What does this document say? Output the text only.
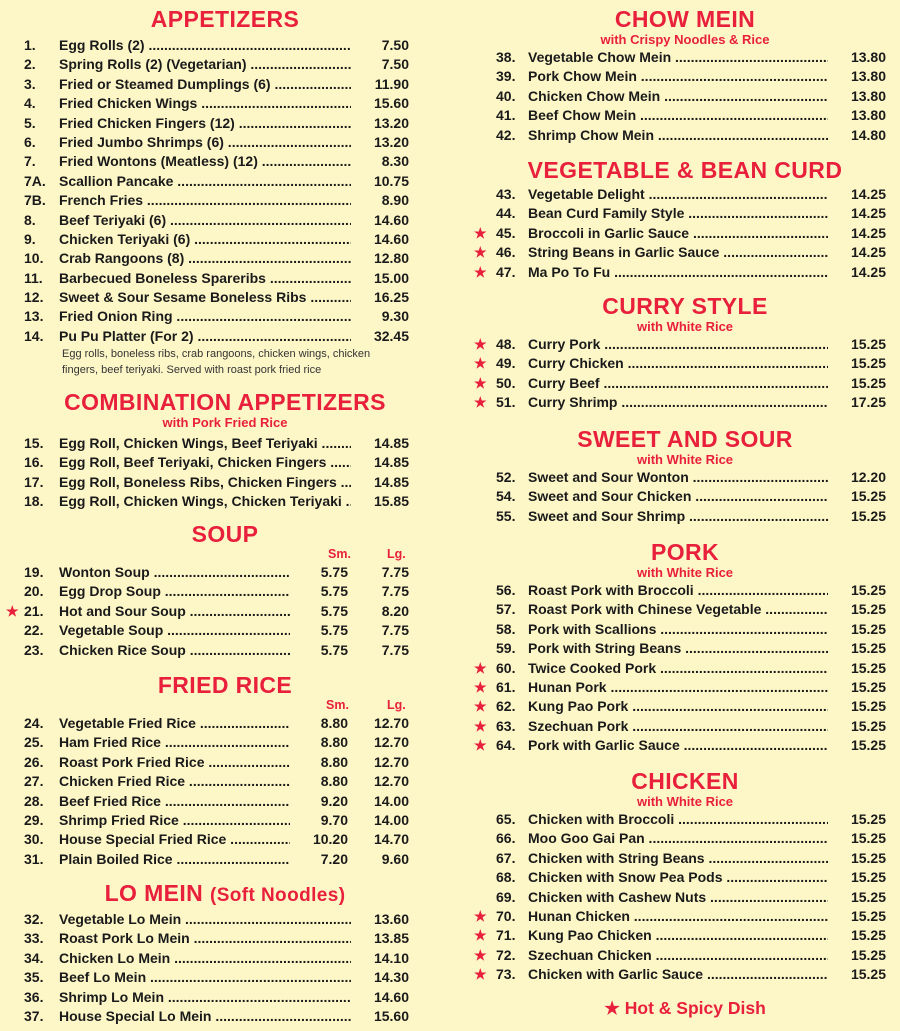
APPETIZERS
1. Egg Rolls (2) .....	7.50
2. Spring Rolls (2) (Vegetarian) .....	7.50
3. Fried or Steamed Dumplings (6) .....	11.90
4. Fried Chicken Wings .....	15.60
5. Fried Chicken Fingers (12) .....	13.20
6. Fried Jumbo Shrimps (6) .....	13.20
7. Fried Wontons (Meatless) (12) .....	8.30
7A. Scallion Pancake .....	10.75
7B. French Fries .....	8.90
8. Beef Teriyaki (6) .....	14.60
9. Chicken Teriyaki (6) .....	14.60
10. Crab Rangoons (8) .....	12.80
11. Barbecued Boneless Spareribs .....	15.00
12. Sweet & Sour Sesame Boneless Ribs .....	16.25
13. Fried Onion Ring .....	9.30
14. Pu Pu Platter (For 2) .....	32.45
Egg rolls, boneless ribs, crab rangoons, chicken wings, chicken fingers, beef teriyaki. Served with roast pork fried rice
COMBINATION APPETIZERS
with Pork Fried Rice
15. Egg Roll, Chicken Wings, Beef Teriyaki .....	14.85
16. Egg Roll, Beef Teriyaki, Chicken Fingers .....	14.85
17. Egg Roll, Boneless Ribs, Chicken Fingers .....	14.85
18. Egg Roll, Chicken Wings, Chicken Teriyaki .....	15.85
SOUP
Sm.	Lg.
19. Wonton Soup .....	5.75	7.75
20. Egg Drop Soup .....	5.75	7.75
★ 21. Hot and Sour Soup .....	5.75	8.20
22. Vegetable Soup .....	5.75	7.75
23. Chicken Rice Soup .....	5.75	7.75
FRIED RICE
Sm.	Lg.
24. Vegetable Fried Rice .....	8.80	12.70
25. Ham Fried Rice .....	8.80	12.70
26. Roast Pork Fried Rice .....	8.80	12.70
27. Chicken Fried Rice .....	8.80	12.70
28. Beef Fried Rice .....	9.20	14.00
29. Shrimp Fried Rice .....	9.70	14.00
30. House Special Fried Rice .....	10.20	14.70
31. Plain Boiled Rice .....	7.20	9.60
LO MEIN (Soft Noodles)
32. Vegetable Lo Mein .....	13.60
33. Roast Pork Lo Mein .....	13.85
34. Chicken Lo Mein .....	14.10
35. Beef Lo Mein .....	14.30
36. Shrimp Lo Mein .....	14.60
37. House Special Lo Mein .....	15.60
CHOW MEIN
with Crispy Noodles & Rice
38. Vegetable Chow Mein .....	13.80
39. Pork Chow Mein .....	13.80
40. Chicken Chow Mein .....	13.80
41. Beef Chow Mein .....	13.80
42. Shrimp Chow Mein .....	14.80
VEGETABLE & BEAN CURD
43. Vegetable Delight .....	14.25
44. Bean Curd Family Style .....	14.25
★ 45. Broccoli in Garlic Sauce .....	14.25
★ 46. String Beans in Garlic Sauce .....	14.25
★ 47. Ma Po To Fu .....	14.25
CURRY STYLE
with White Rice
★ 48. Curry Pork .....	15.25
★ 49. Curry Chicken .....	15.25
★ 50. Curry Beef .....	15.25
★ 51. Curry Shrimp .....	17.25
SWEET AND SOUR
with White Rice
52. Sweet and Sour Wonton .....	12.20
54. Sweet and Sour Chicken .....	15.25
55. Sweet and Sour Shrimp .....	15.25
PORK
with White Rice
56. Roast Pork with Broccoli .....	15.25
57. Roast Pork with Chinese Vegetable .....	15.25
58. Pork with Scallions .....	15.25
59. Pork with String Beans .....	15.25
★ 60. Twice Cooked Pork .....	15.25
★ 61. Hunan Pork .....	15.25
★ 62. Kung Pao Pork .....	15.25
★ 63. Szechuan Pork .....	15.25
★ 64. Pork with Garlic Sauce .....	15.25
CHICKEN
with White Rice
65. Chicken with Broccoli .....	15.25
66. Moo Goo Gai Pan .....	15.25
67. Chicken with String Beans .....	15.25
68. Chicken with Snow Pea Pods .....	15.25
69. Chicken with Cashew Nuts .....	15.25
★ 70. Hunan Chicken .....	15.25
★ 71. Kung Pao Chicken .....	15.25
★ 72. Szechuan Chicken .....	15.25
★ 73. Chicken with Garlic Sauce .....	15.25
★ Hot & Spicy Dish
